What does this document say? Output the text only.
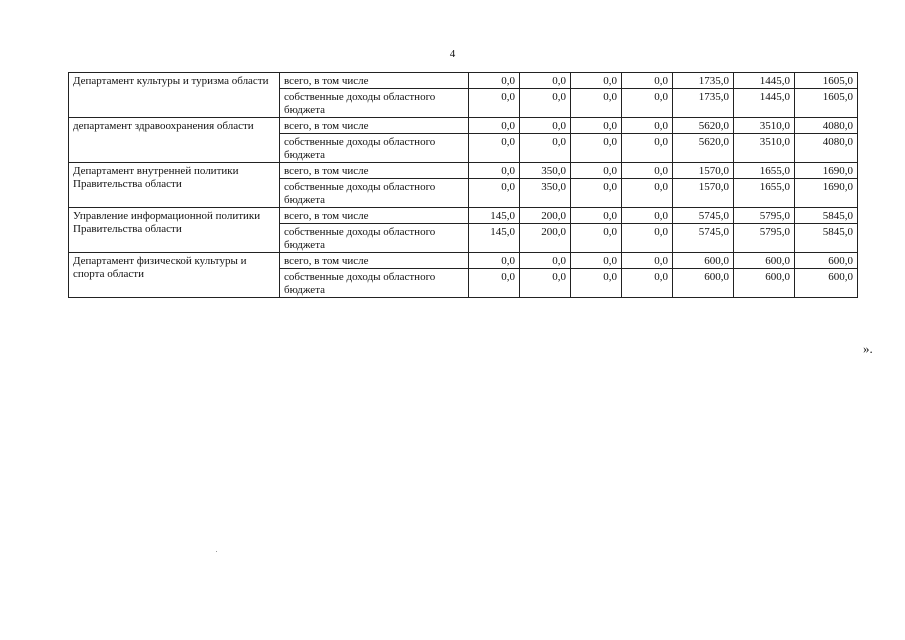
4
Департамент культуры и туризма области	всего, в том числе	0,0	0,0	0,0	0,0	1735,0	1445,0	1605,0
	собственные доходы областного бюджета	0,0	0,0	0,0	0,0	1735,0	1445,0	1605,0
департамент здравоохранения области	всего, в том числе	0,0	0,0	0,0	0,0	5620,0	3510,0	4080,0
	собственные доходы областного бюджета	0,0	0,0	0,0	0,0	5620,0	3510,0	4080,0
Департамент внутренней политики Правительства области	всего, в том числе	0,0	350,0	0,0	0,0	1570,0	1655,0	1690,0
	собственные доходы областного бюджета	0,0	350,0	0,0	0,0	1570,0	1655,0	1690,0
Управление информационной политики Правительства области	всего, в том числе	145,0	200,0	0,0	0,0	5745,0	5795,0	5845,0
	собственные доходы областного бюджета	145,0	200,0	0,0	0,0	5745,0	5795,0	5845,0
Департамент физической культуры и спорта области	всего, в том числе	0,0	0,0	0,0	0,0	600,0	600,0	600,0
	собственные доходы областного бюджета	0,0	0,0	0,0	0,0	600,0	600,0	600,0
».
